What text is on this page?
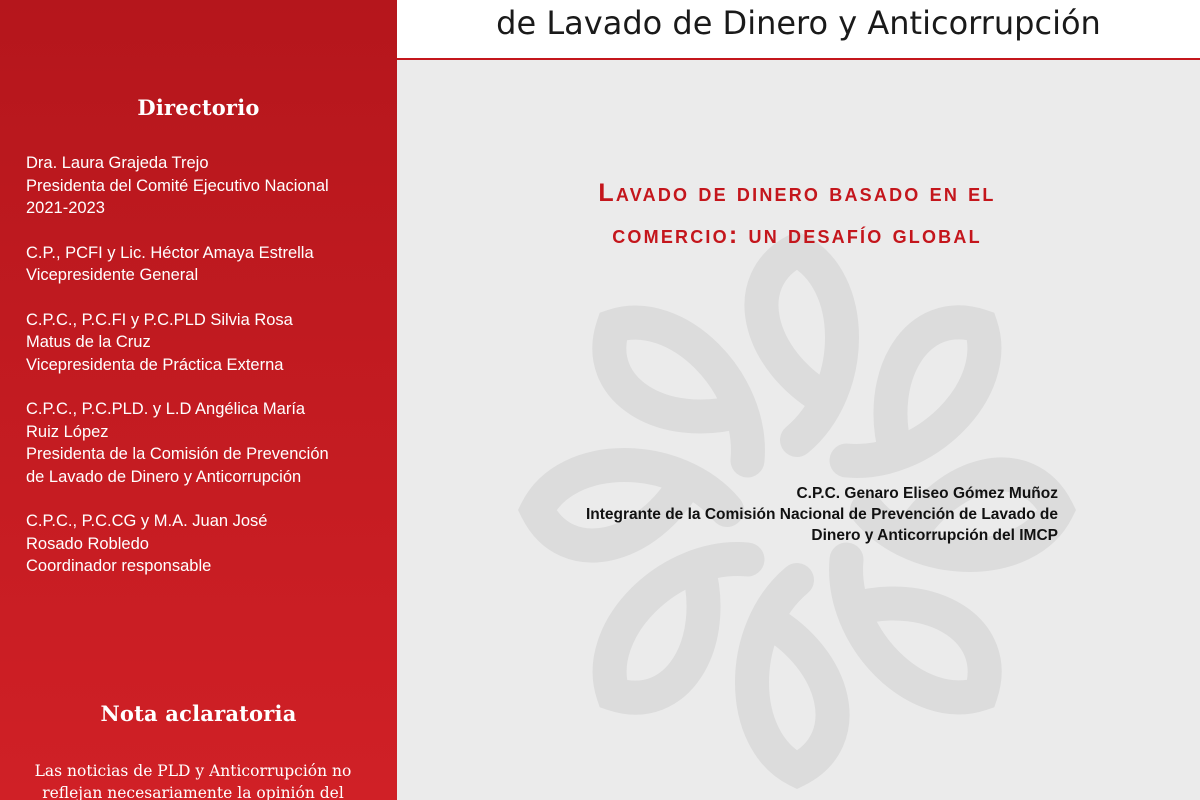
Directorio
Dra. Laura Grajeda Trejo
Presidenta del Comité Ejecutivo Nacional
2021-2023
C.P., PCFI y Lic. Héctor Amaya Estrella
Vicepresidente General
C.P.C., P.C.FI y P.C.PLD Silvia Rosa
Matus de la Cruz
Vicepresidenta de Práctica Externa
C.P.C., P.C.PLD. y L.D Angélica María
Ruiz López
Presidenta de la Comisión de Prevención
de Lavado de Dinero y Anticorrupción
C.P.C., P.C.CG y M.A. Juan José
Rosado Robledo
Coordinador responsable
Nota aclaratoria
Las noticias de PLD y Anticorrupción no
reflejan necesariamente la opinión del
de Lavado de Dinero y Anticorrupción
Lavado de dinero basado en el
comercio: un desafío global
C.P.C. Genaro Eliseo Gómez Muñoz
Integrante de la Comisión Nacional de Prevención de Lavado de
Dinero y Anticorrupción del IMCP
